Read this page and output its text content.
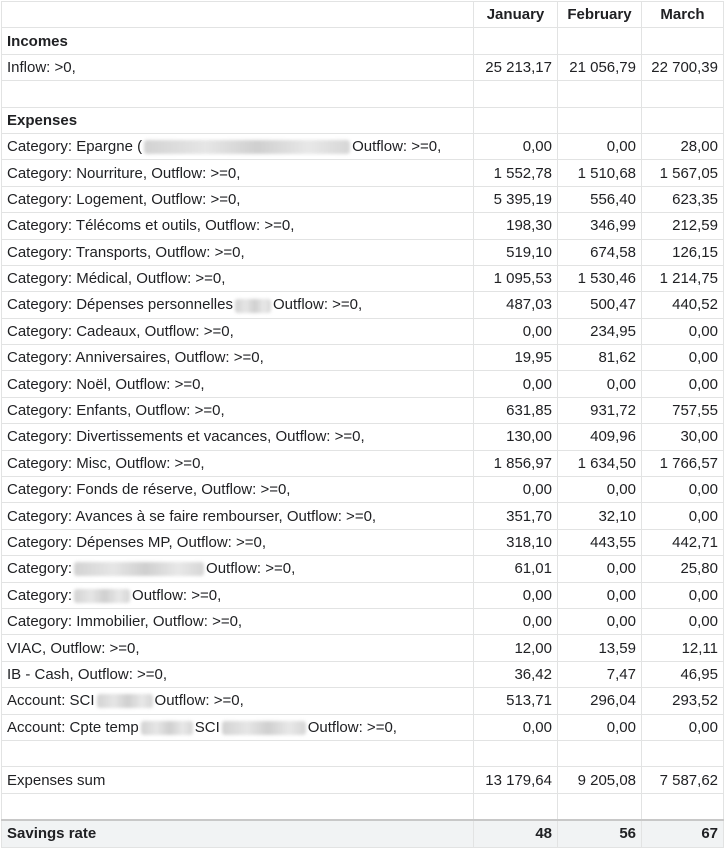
	January	February	March
Incomes			
Inflow: >0,	25 213,17	21 056,79	22 700,39

Expenses			
Category: Epargne ( Outflow: >=0,	0,00	0,00	28,00
Category: Nourriture, Outflow: >=0,	1 552,78	1 510,68	1 567,05
Category: Logement, Outflow: >=0,	5 395,19	556,40	623,35
Category: Télécoms et outils, Outflow: >=0,	198,30	346,99	212,59
Category: Transports, Outflow: >=0,	519,10	674,58	126,15
Category: Médical, Outflow: >=0,	1 095,53	1 530,46	1 214,75
Category: Dépenses personnelles Outflow: >=0,	487,03	500,47	440,52
Category: Cadeaux, Outflow: >=0,	0,00	234,95	0,00
Category: Anniversaires, Outflow: >=0,	19,95	81,62	0,00
Category: Noël, Outflow: >=0,	0,00	0,00	0,00
Category: Enfants, Outflow: >=0,	631,85	931,72	757,55
Category: Divertissements et vacances, Outflow: >=0,	130,00	409,96	30,00
Category: Misc, Outflow: >=0,	1 856,97	1 634,50	1 766,57
Category: Fonds de réserve, Outflow: >=0,	0,00	0,00	0,00
Category: Avances à se faire rembourser, Outflow: >=0,	351,70	32,10	0,00
Category: Dépenses MP, Outflow: >=0,	318,10	443,55	442,71
Category: Outflow: >=0,	61,01	0,00	25,80
Category: Outflow: >=0,	0,00	0,00	0,00
Category: Immobilier, Outflow: >=0,	0,00	0,00	0,00
VIAC, Outflow: >=0,	12,00	13,59	12,11
IB - Cash, Outflow: >=0,	36,42	7,47	46,95
Account: SCI Outflow: >=0,	513,71	296,04	293,52
Account: Cpte temp SCI Outflow: >=0,	0,00	0,00	0,00

Expenses sum	13 179,64	9 205,08	7 587,62

Savings rate	48	56	67
